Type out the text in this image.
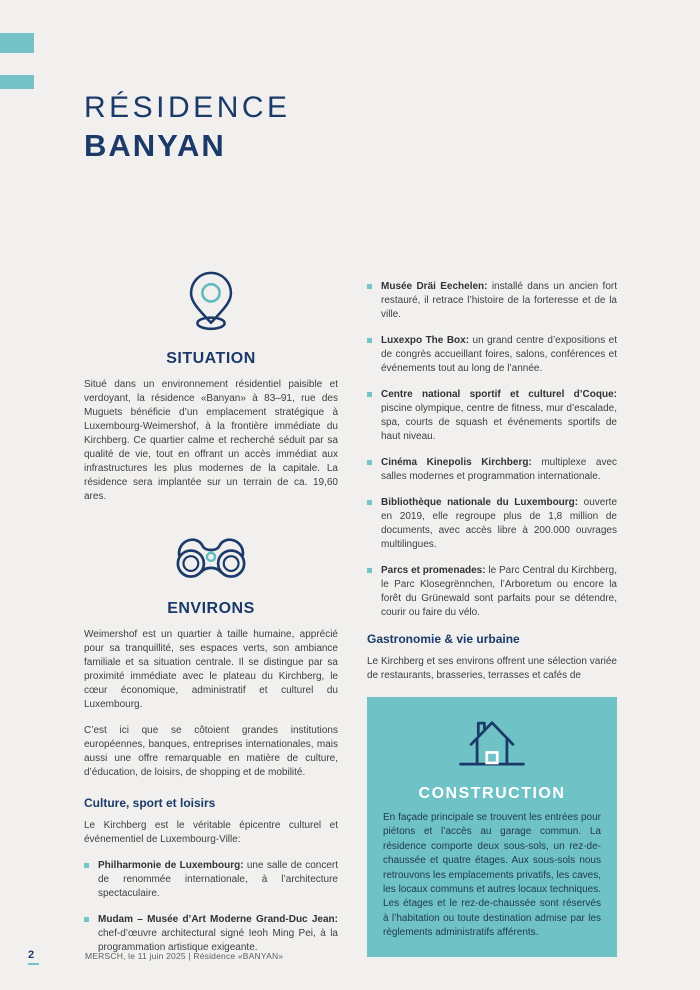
RÉSIDENCE
BANYAN
SITUATION

Situé dans un environnement résidentiel paisible et verdoyant, la résidence «Banyan» à 83–91, rue des Muguets bénéficie d’un emplacement stratégique à Luxembourg-Weimershof, à la frontière immédiate du Kirchberg. Ce quartier calme et recherché séduit par sa qualité de vie, tout en offrant un accès immédiat aux infrastructures les plus modernes de la capitale. La résidence sera implantée sur un terrain de ca. 19,60 ares.

ENVIRONS

Weimershof est un quartier à taille humaine, apprécié pour sa tranquillité, ses espaces verts, son ambiance familiale et sa situation centrale. Il se distingue par sa proximité immédiate avec le plateau du Kirchberg, le cœur économique, administratif et culturel du Luxembourg.

C’est ici que se côtoient grandes institutions européennes, banques, entreprises internationales, mais aussi une offre remarquable en matière de culture, d’éducation, de loisirs, de shopping et de mobilité.

Culture, sport et loisirs

Le Kirchberg est le véritable épicentre culturel et événementiel de Luxembourg-Ville:

Philharmonie de Luxembourg: une salle de concert de renommée internationale, à l’architecture spectaculaire.

Mudam – Musée d’Art Moderne Grand-Duc Jean: chef-d’œuvre architectural signé Ieoh Ming Pei, à la programmation artistique exigeante.

Musée Dräi Eechelen: installé dans un ancien fort restauré, il retrace l’histoire de la forteresse et de la ville.

Luxexpo The Box: un grand centre d’expositions et de congrès accueillant foires, salons, conférences et événements tout au long de l’année.

Centre national sportif et culturel d’Coque: piscine olympique, centre de fitness, mur d’escalade, spa, courts de squash et événements sportifs de haut niveau.

Cinéma Kinepolis Kirchberg: multiplexe avec salles modernes et programmation internationale.

Bibliothèque nationale du Luxembourg: ouverte en 2019, elle regroupe plus de 1,8 million de documents, avec accès libre à 200.000 ouvrages multilingues.

Parcs et promenades: le Parc Central du Kirchberg, le Parc Klosegrënnchen, l’Arboretum ou encore la forêt du Grünewald sont parfaits pour se détendre, courir ou faire du vélo.

Gastronomie & vie urbaine

Le Kirchberg et ses environs offrent une sélection variée de restaurants, brasseries, terrasses et cafés de

CONSTRUCTION

En façade principale se trouvent les entrées pour piétons et l’accès au garage commun. La résidence comporte deux sous-sols, un rez-de-chaussée et quatre étages. Aux sous-sols nous retrouvons les emplacements privatifs, les caves, les locaux communs et autres locaux techniques. Les étages et le rez-de-chaussée sont réservés à l’habitation ou toute destination admise par les règlements administratifs afférents.

2	MERSCH, le 11 juin 2025 | Résidence «BANYAN»
